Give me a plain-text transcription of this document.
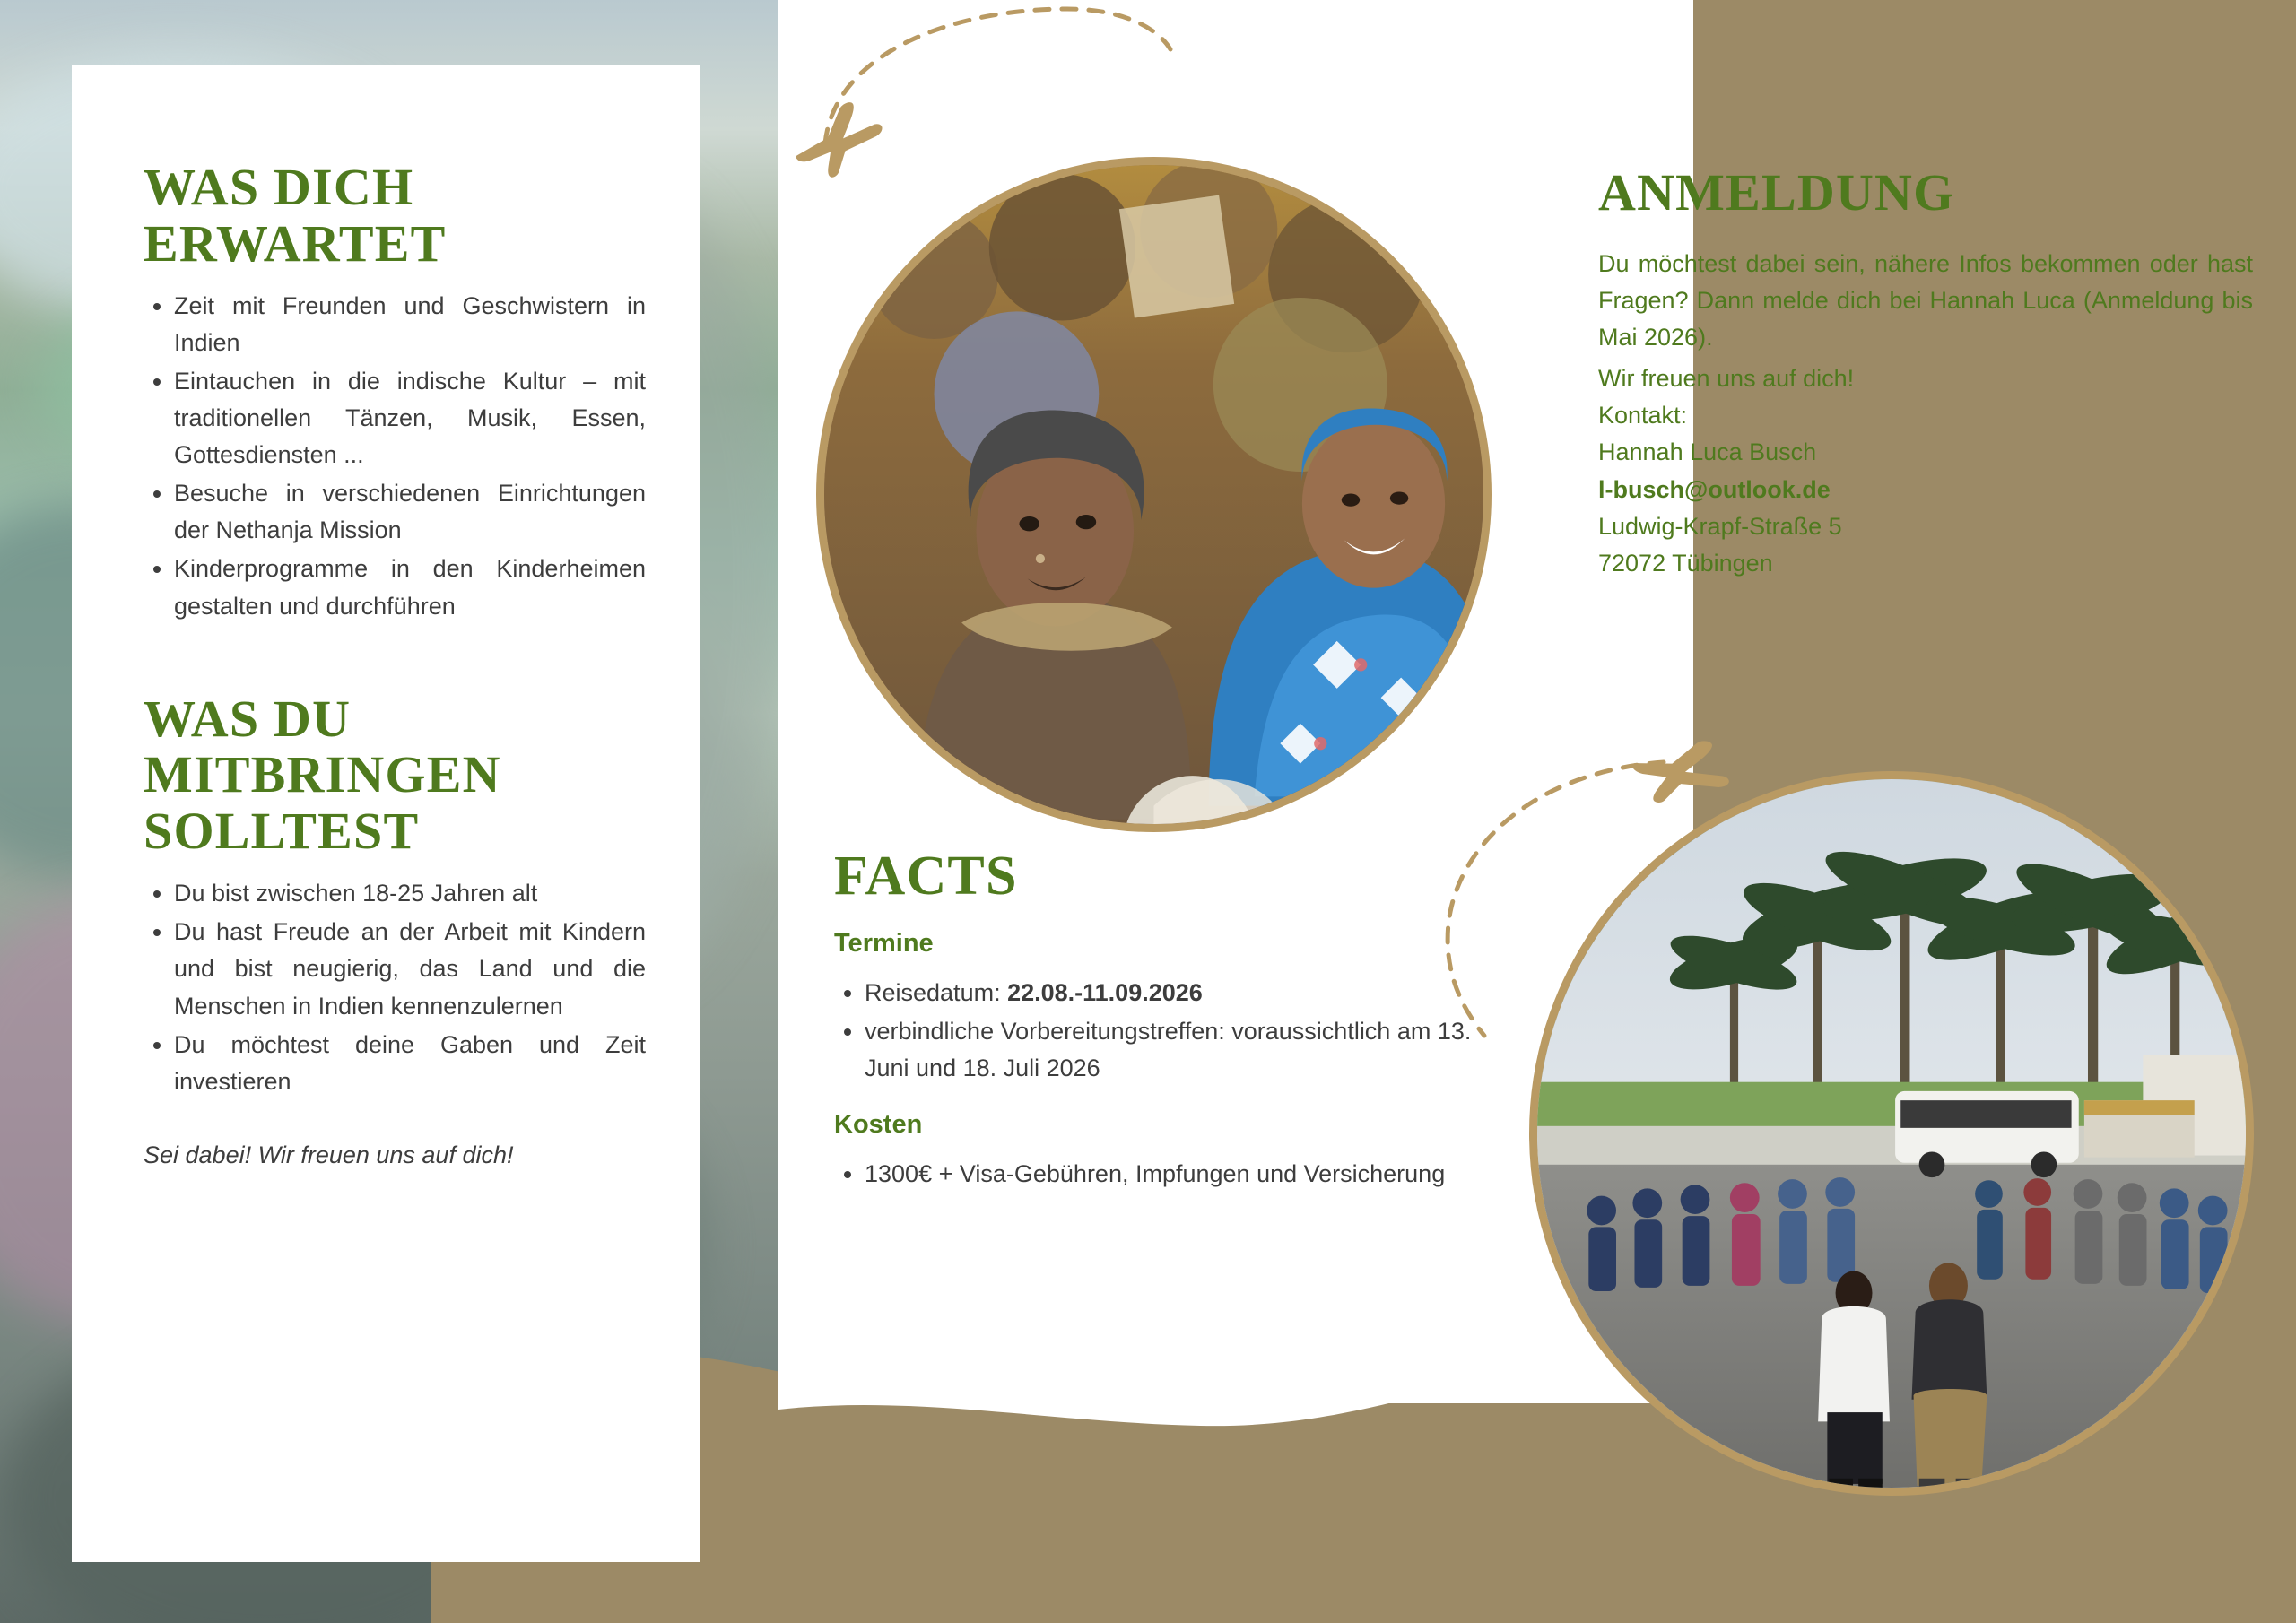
WAS DICH ERWARTET
• Zeit mit Freunden und Geschwistern in Indien
• Eintauchen in die indische Kultur – mit traditionellen Tänzen, Musik, Essen, Gottesdiensten ...
• Besuche in verschiedenen Einrichtungen der Nethanja Mission
• Kinderprogramme in den Kinderheimen gestalten und durchführen
WAS DU MITBRINGEN SOLLTEST
• Du bist zwischen 18-25 Jahren alt
• Du hast Freude an der Arbeit mit Kindern und bist neugierig, das Land und die Menschen in Indien kennenzulernen
• Du möchtest deine Gaben und Zeit investieren
Sei dabei! Wir freuen uns auf dich!
FACTS
Termine
• Reisedatum: 22.08.-11.09.2026
• verbindliche Vorbereitungstreffen: voraussichtlich am 13. Juni und 18. Juli 2026
Kosten
• 1300€ + Visa-Gebühren, Impfungen und Versicherung
ANMELDUNG

Du möchtest dabei sein, nähere Infos bekommen oder hast Fragen? Dann melde dich bei Hannah Luca (Anmeldung bis Mai 2026).

Wir freuen uns auf dich!

Kontakt:

Hannah Luca Busch

l-busch@outlook.de

Ludwig-Krapf-Straße 5

72072 Tübingen
